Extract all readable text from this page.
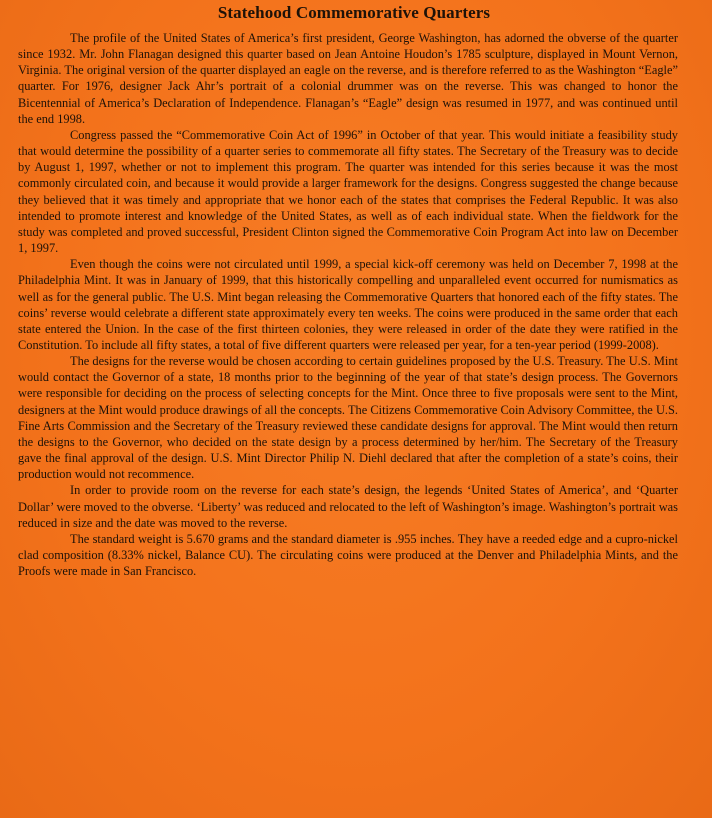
Statehood Commemorative Quarters

The profile of the United States of America’s first president, George Washington, has adorned the obverse of the quarter since 1932. Mr. John Flanagan designed this quarter based on Jean Antoine Houdon’s 1785 sculpture, displayed in Mount Vernon, Virginia. The original version of the quarter displayed an eagle on the reverse, and is therefore referred to as the Washington “Eagle” quarter. For 1976, designer Jack Ahr’s portrait of a colonial drummer was on the reverse. This was changed to honor the Bicentennial of America’s Declaration of Independence. Flanagan’s “Eagle” design was resumed in 1977, and was continued until the end 1998.

Congress passed the “Commemorative Coin Act of 1996” in October of that year. This would initiate a feasibility study that would determine the possibility of a quarter series to commemorate all fifty states. The Secretary of the Treasury was to decide by August 1, 1997, whether or not to implement this program. The quarter was intended for this series because it was the most commonly circulated coin, and because it would provide a larger framework for the designs. Congress suggested the change because they believed that it was timely and appropriate that we honor each of the states that comprises the Federal Republic. It was also intended to promote interest and knowledge of the United States, as well as of each individual state. When the fieldwork for the study was completed and proved successful, President Clinton signed the Commemorative Coin Program Act into law on December 1, 1997.

Even though the coins were not circulated until 1999, a special kick-off ceremony was held on December 7, 1998 at the Philadelphia Mint. It was in January of 1999, that this historically compelling and unparalleled event occurred for numismatics as well as for the general public. The U.S. Mint began releasing the Commemorative Quarters that honored each of the fifty states. The coins’ reverse would celebrate a different state approximately every ten weeks. The coins were produced in the same order that each state entered the Union. In the case of the first thirteen colonies, they were released in order of the date they were ratified in the Constitution. To include all fifty states, a total of five different quarters were released per year, for a ten-year period (1999-2008).

The designs for the reverse would be chosen according to certain guidelines proposed by the U.S. Treasury. The U.S. Mint would contact the Governor of a state, 18 months prior to the beginning of the year of that state’s design process. The Governors were responsible for deciding on the process of selecting concepts for the Mint. Once three to five proposals were sent to the Mint, designers at the Mint would produce drawings of all the concepts. The Citizens Commemorative Coin Advisory Committee, the U.S. Fine Arts Commission and the Secretary of the Treasury reviewed these candidate designs for approval. The Mint would then return the designs to the Governor, who decided on the state design by a process determined by her/him. The Secretary of the Treasury gave the final approval of the design. U.S. Mint Director Philip N. Diehl declared that after the completion of a state’s coins, their production would not recommence.

In order to provide room on the reverse for each state’s design, the legends ‘United States of America’, and ‘Quarter Dollar’ were moved to the obverse. ‘Liberty’ was reduced and relocated to the left of Washington’s image. Washington’s portrait was reduced in size and the date was moved to the reverse.

The standard weight is 5.670 grams and the standard diameter is .955 inches. They have a reeded edge and a cupro-nickel clad composition (8.33% nickel, Balance CU). The circulating coins were produced at the Denver and Philadelphia Mints, and the Proofs were made in San Francisco.
